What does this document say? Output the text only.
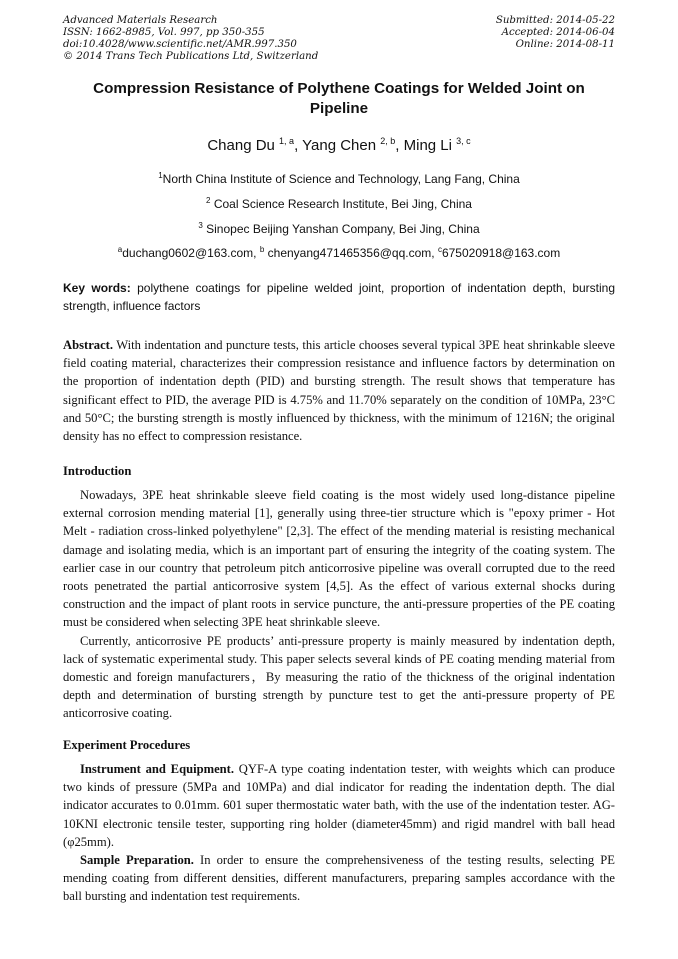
Advanced Materials Research
ISSN: 1662-8985, Vol. 997, pp 350-355
doi:10.4028/www.scientific.net/AMR.997.350
© 2014 Trans Tech Publications Ltd, Switzerland
Submitted: 2014-05-22
Accepted: 2014-06-04
Online: 2014-08-11
Compression Resistance of Polythene Coatings for Welded Joint on Pipeline
Chang Du $^{1, a}$, Yang Chen $^{2, b}$, Ming Li $^{3, c}$
$^1$North China Institute of Science and Technology, Lang Fang, China
$^2$ Coal Science Research Institute, Bei Jing, China
$^3$ Sinopec Beijing Yanshan Company, Bei Jing, China
$^a$duchang0602@163.com, $^b$ chenyang471465356@qq.com, $^c$675020918@163.com
Key words: polythene coatings for pipeline welded joint, proportion of indentation depth, bursting strength, influence factors

Abstract. With indentation and puncture tests, this article chooses several typical 3PE heat shrinkable sleeve field coating material, characterizes their compression resistance and influence factors by determination on the proportion of indentation depth (PID) and bursting strength. The result shows that temperature has significant effect to PID, the average PID is 4.75% and 11.70% separately on the condition of 10MPa, 23°C and 50°C; the bursting strength is mostly influenced by thickness, with the minimum of 1216N; the original density has no effect to compression resistance.

Introduction

Nowadays, 3PE heat shrinkable sleeve field coating is the most widely used long-distance pipeline external corrosion mending material [1], generally using three-tier structure which is "epoxy primer - Hot Melt - radiation cross-linked polyethylene" [2,3]. The effect of the mending material is resisting mechanical damage and isolating media, which is an important part of ensuring the integrity of the coating system. The earlier case in our country that petroleum pitch anticorrosive pipeline was overall corrupted due to the reed roots penetrated the partial anticorrosive system [4,5]. As the effect of various external shocks during construction and the impact of plant roots in service puncture, the anti-pressure properties of the PE coating must be considered when selecting 3PE heat shrinkable sleeve.

Currently, anticorrosive PE products’ anti-pressure property is mainly measured by indentation depth, lack of systematic experimental study. This paper selects several kinds of PE coating mending material from domestic and foreign manufacturers，By measuring the ratio of the thickness of the original indentation depth and determination of bursting strength by puncture test to get the anti-pressure property of PE anticorrosive coating.

Experiment Procedures

Instrument and Equipment. QYF-A type coating indentation tester, with weights which can produce two kinds of pressure (5MPa and 10MPa) and dial indicator for reading the indentation depth. The dial indicator accurates to 0.01mm. 601 super thermostatic water bath, with the use of the indentation tester. AG-10KNI electronic tensile tester, supporting ring holder (diameter45mm) and rigid mandrel with ball head (φ25mm).

Sample Preparation. In order to ensure the comprehensiveness of the testing results, selecting PE mending coating from different densities, different manufacturers, preparing samples accordance with the ball bursting and indentation test requirements.
